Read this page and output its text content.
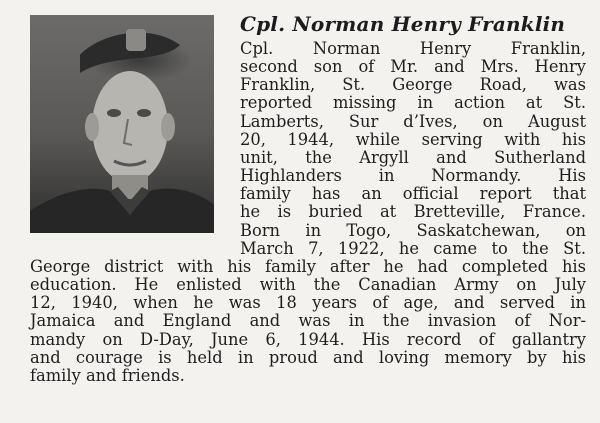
Cpl. Norman Henry Franklin
Cpl. Norman Henry Franklin,
second son of Mr. and Mrs. Henry
Franklin, St. George Road, was
reported missing in action at St.
Lamberts, Sur d’Ives, on August
20, 1944, while serving with his
unit, the Argyll and Sutherland
Highlanders in Normandy. His
family has an official report that
he is buried at Bretteville, France.
Born in Togo, Saskatchewan, on
March 7, 1922, he came to the St.
George district with his family after he had completed his
education. He enlisted with the Canadian Army on July
12, 1940, when he was 18 years of age, and served in
Jamaica and England and was in the invasion of Nor-
mandy on D-Day, June 6, 1944. His record of gallantry
and courage is held in proud and loving memory by his
family and friends.
